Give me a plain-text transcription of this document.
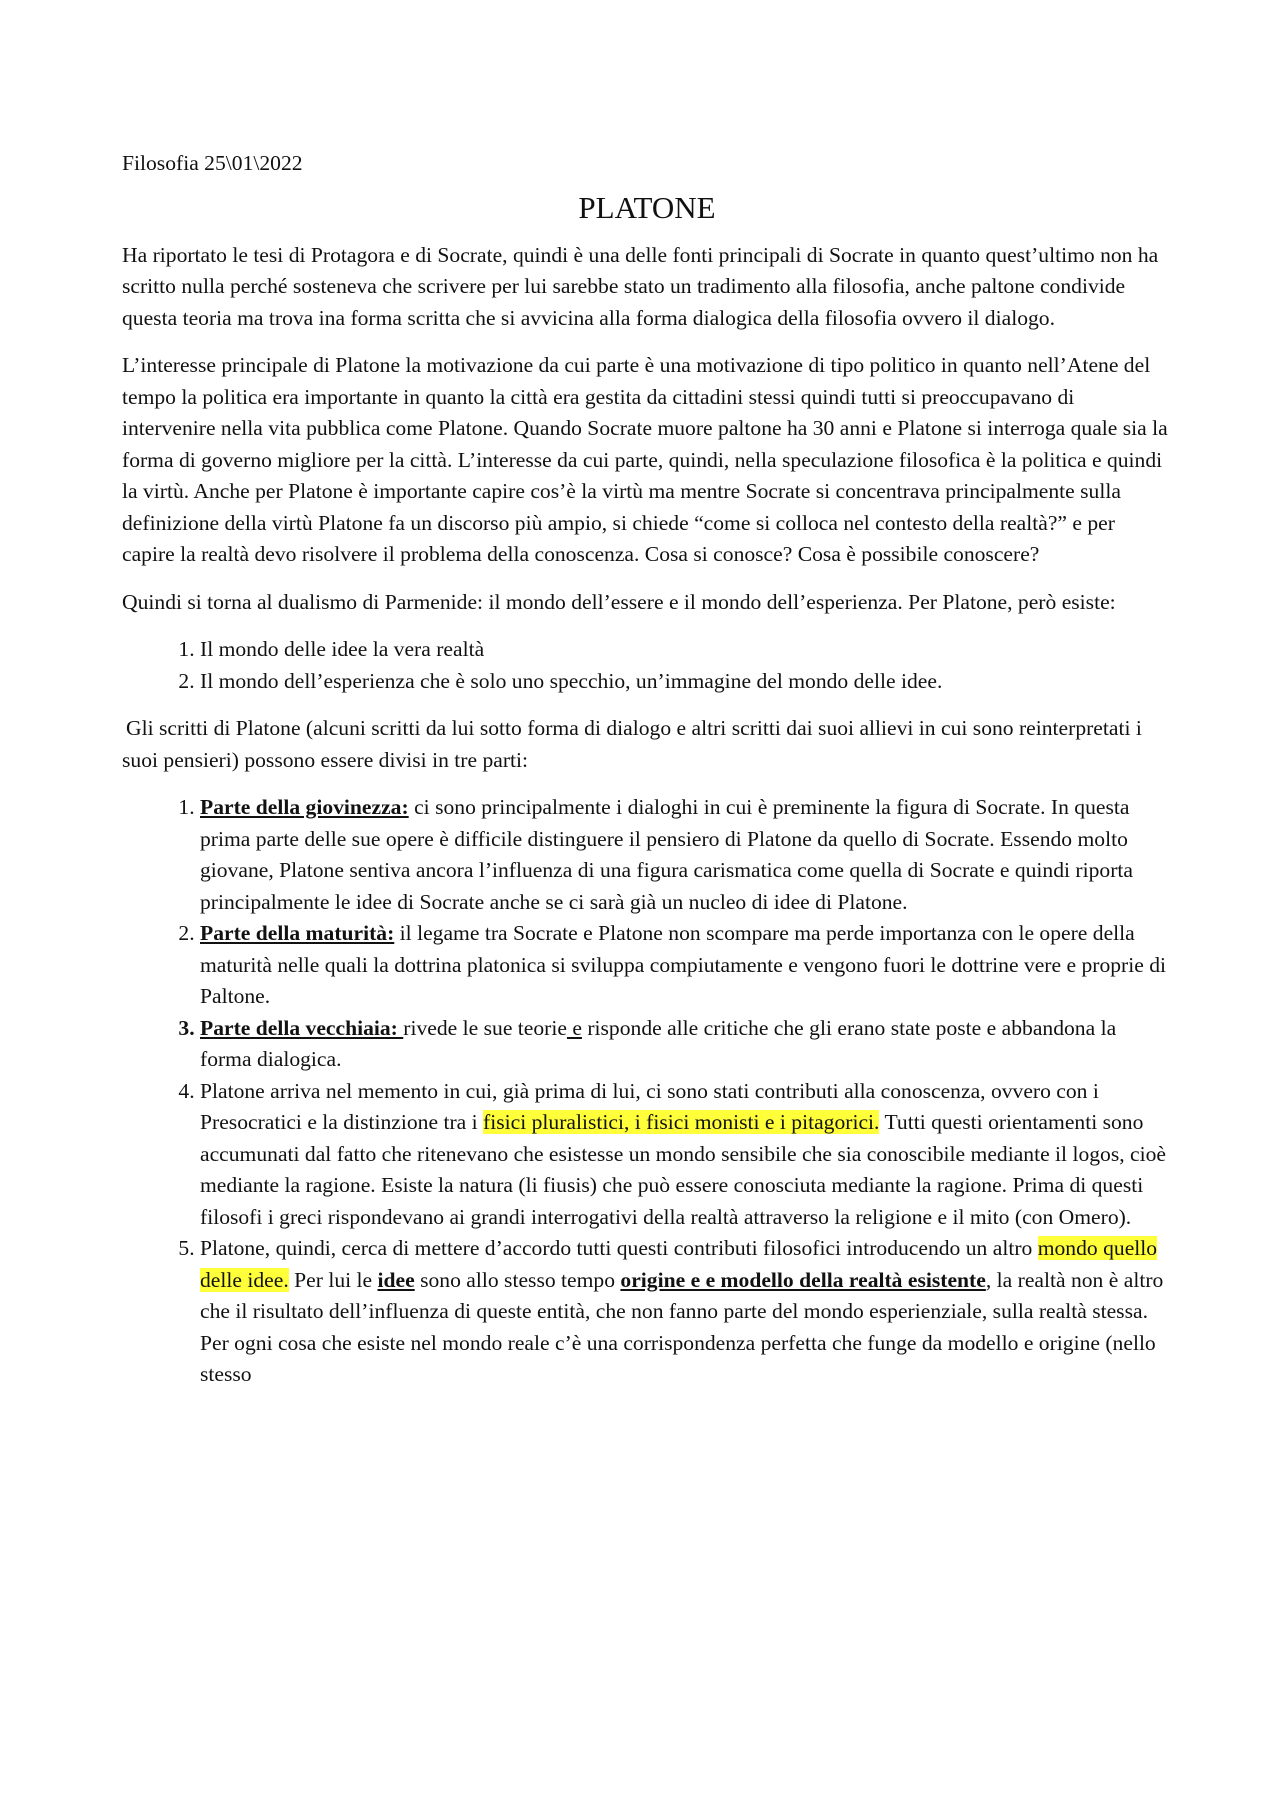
Filosofia 25\01\2022
PLATONE

Ha riportato le tesi di Protagora e di Socrate, quindi è una delle fonti principali di Socrate in quanto quest’ultimo non ha scritto nulla perché sosteneva che scrivere per lui sarebbe stato un tradimento alla filosofia, anche paltone condivide questa teoria ma trova ina forma scritta che si avvicina alla forma dialogica della filosofia ovvero il dialogo.

L’interesse principale di Platone la motivazione da cui parte è una motivazione di tipo politico in quanto nell’Atene del tempo la politica era importante in quanto la città era gestita da cittadini stessi quindi tutti si preoccupavano di intervenire nella vita pubblica come Platone. Quando Socrate muore paltone ha 30 anni e Platone si interroga quale sia la forma di governo migliore per la città. L’interesse da cui parte, quindi, nella speculazione filosofica è la politica e quindi la virtù. Anche per Platone è importante capire cos’è la virtù ma mentre Socrate si concentrava principalmente sulla definizione della virtù Platone fa un discorso più ampio, si chiede “come si colloca nel contesto della realtà?” e per capire la realtà devo risolvere il problema della conoscenza. Cosa si conosce? Cosa è possibile conoscere?

Quindi si torna al dualismo di Parmenide: il mondo dell’essere e il mondo dell’esperienza. Per Platone, però esiste:

1. Il mondo delle idee la vera realtà
2. Il mondo dell’esperienza che è solo uno specchio, un’immagine del mondo delle idee.

Gli scritti di Platone (alcuni scritti da lui sotto forma di dialogo e altri scritti dai suoi allievi in cui sono reinterpretati i suoi pensieri) possono essere divisi in tre parti:

1. Parte della giovinezza: ci sono principalmente i dialoghi in cui è preminente la figura di Socrate. In questa prima parte delle sue opere è difficile distinguere il pensiero di Platone da quello di Socrate. Essendo molto giovane, Platone sentiva ancora l’influenza di una figura carismatica come quella di Socrate e quindi riporta principalmente le idee di Socrate anche se ci sarà già un nucleo di idee di Platone.
2. Parte della maturità: il legame tra Socrate e Platone non scompare ma perde importanza con le opere della maturità nelle quali la dottrina platonica si sviluppa compiutamente e vengono fuori le dottrine vere e proprie di Paltone.
3. Parte della vecchiaia: rivede le sue teorie e risponde alle critiche che gli erano state poste e abbandona la forma dialogica.
4. Platone arriva nel memento in cui, già prima di lui, ci sono stati contributi alla conoscenza, ovvero con i Presocratici e la distinzione tra i fisici pluralistici, i fisici monisti e i pitagorici. Tutti questi orientamenti sono accumunati dal fatto che ritenevano che esistesse un mondo sensibile che sia conoscibile mediante il logos, cioè mediante la ragione. Esiste la natura (li fiusis) che può essere conosciuta mediante la ragione. Prima di questi filosofi i greci rispondevano ai grandi interrogativi della realtà attraverso la religione e il mito (con Omero).
5. Platone, quindi, cerca di mettere d’accordo tutti questi contributi filosofici introducendo un altro mondo quello delle idee. Per lui le idee sono allo stesso tempo origine e e modello della realtà esistente, la realtà non è altro che il risultato dell’influenza di queste entità, che non fanno parte del mondo esperienziale, sulla realtà stessa. Per ogni cosa che esiste nel mondo reale c’è una corrispondenza perfetta che funge da modello e origine (nello stesso
